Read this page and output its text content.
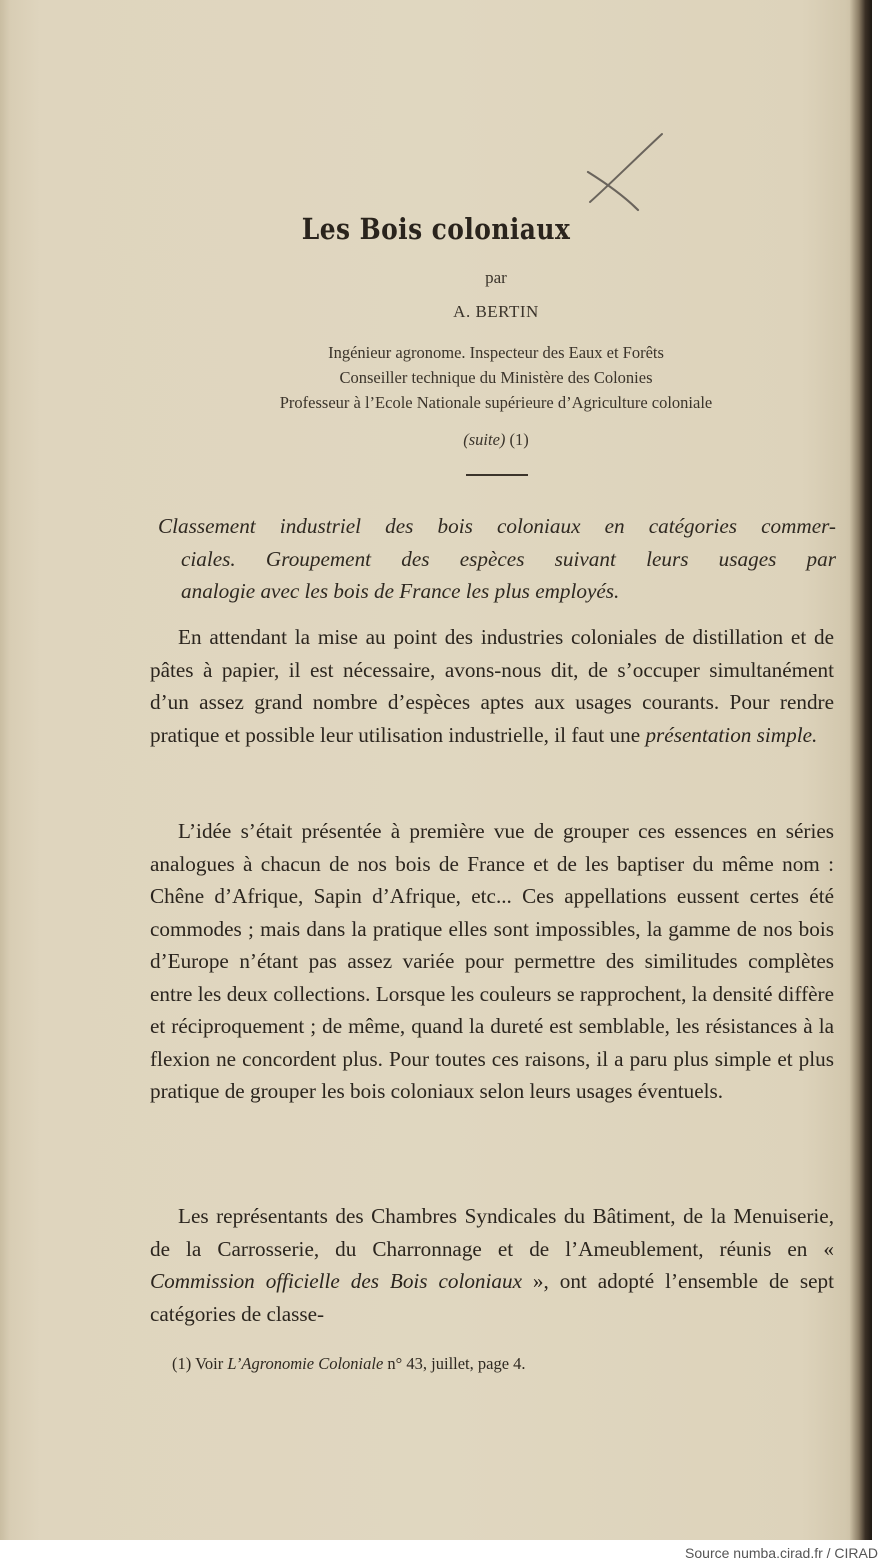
Les Bois coloniaux
par
A. BERTIN
Ingénieur agronome. Inspecteur des Eaux et Forêts
Conseiller technique du Ministère des Colonies
Professeur à l’Ecole Nationale supérieure d’Agriculture coloniale
(suite) (1)
Classement industriel des bois coloniaux en catégories commer-
ciales. Groupement des espèces suivant leurs usages par
analogie avec les bois de France les plus employés.

En attendant la mise au point des industries coloniales de distillation et de pâtes à papier, il est nécessaire, avons-nous dit, de s’occuper simultanément d’un assez grand nombre d’espèces aptes aux usages courants. Pour rendre pratique et possible leur utilisation industrielle, il faut une présentation simple.

L’idée s’était présentée à première vue de grouper ces essences en séries analogues à chacun de nos bois de France et de les baptiser du même nom : Chêne d’Afrique, Sapin d’Afrique, etc... Ces appellations eussent certes été commodes ; mais dans la pratique elles sont impossibles, la gamme de nos bois d’Europe n’étant pas assez variée pour permettre des similitudes complètes entre les deux collections. Lorsque les couleurs se rapprochent, la densité diffère et réciproquement ; de même, quand la dureté est semblable, les résistances à la flexion ne concordent plus. Pour toutes ces raisons, il a paru plus simple et plus pratique de grouper les bois coloniaux selon leurs usages éventuels.

Les représentants des Chambres Syndicales du Bâtiment, de la Menuiserie, de la Carrosserie, du Charronnage et de l’Ameublement, réunis en « Commission officielle des Bois coloniaux », ont adopté l’ensemble de sept catégories de classe-

(1) Voir L’Agronomie Coloniale n° 43, juillet, page 4.
Source numba.cirad.fr / CIRAD
